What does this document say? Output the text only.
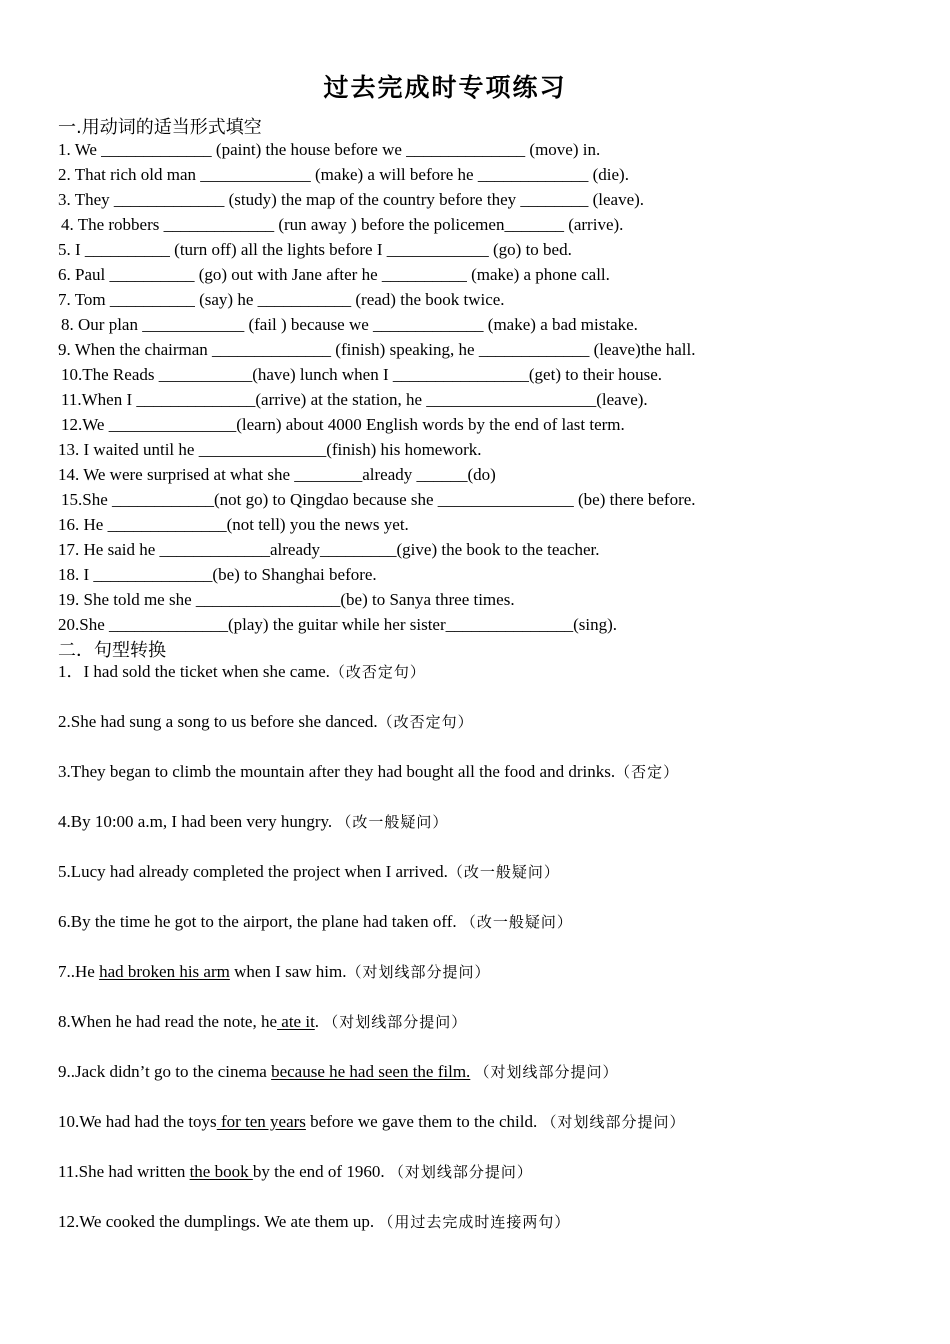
过去完成时专项练习
一.用动词的适当形式填空
1. We _____________ (paint) the house before we ______________ (move) in.
2. That rich old man _____________ (make) a will before he _____________ (die).
3. They _____________ (study) the map of the country before they ________ (leave).
4. The robbers _____________ (run away ) before the policemen_______ (arrive).
5. I __________ (turn off) all the lights before I ____________ (go) to bed.
6. Paul __________ (go) out with Jane after he __________ (make) a phone call.
7. Tom __________ (say) he ___________ (read) the book twice.
8. Our plan ____________ (fail ) because we _____________ (make) a bad mistake.
9. When the chairman ______________ (finish) speaking, he _____________ (leave)the hall.
10.The Reads ___________(have) lunch when I ________________(get) to their house.
11.When I ______________(arrive) at the station, he ____________________(leave).
12.We _______________(learn) about 4000 English words by the end of last term.
13. I waited until he _______________(finish) his homework.
14. We were surprised at what she ________already ______(do)
15.She ____________(not go) to Qingdao because she ________________ (be) there before.
16. He ______________(not tell) you the news yet.
17. He said he _____________already_________(give) the book to the teacher.
18. I ______________(be) to Shanghai before.
19. She told me she _________________(be) to Sanya three times.
20.She ______________(play) the guitar while her sister_______________(sing).
二．句型转换
1．I had sold the ticket when she came.（改否定句）
2.She had sung a song to us before she danced.（改否定句）
3.They began to climb the mountain after they had bought all the food and drinks.（否定）
4.By 10:00 a.m, I had been very hungry. （改一般疑问）
5.Lucy had already completed the project when I arrived.（改一般疑问）
6.By the time he got to the airport, the plane had taken off. （改一般疑问）
7..He had broken his arm when I saw him.（对划线部分提问）
8.When he had read the note, he ate it. （对划线部分提问）
9..Jack didn’t go to the cinema because he had seen the film. （对划线部分提问）
10.We had had the toys for ten years before we gave them to the child. （对划线部分提问）
11.She had written the book by the end of 1960. （对划线部分提问）
12.We cooked the dumplings. We ate them up. （用过去完成时连接两句）
